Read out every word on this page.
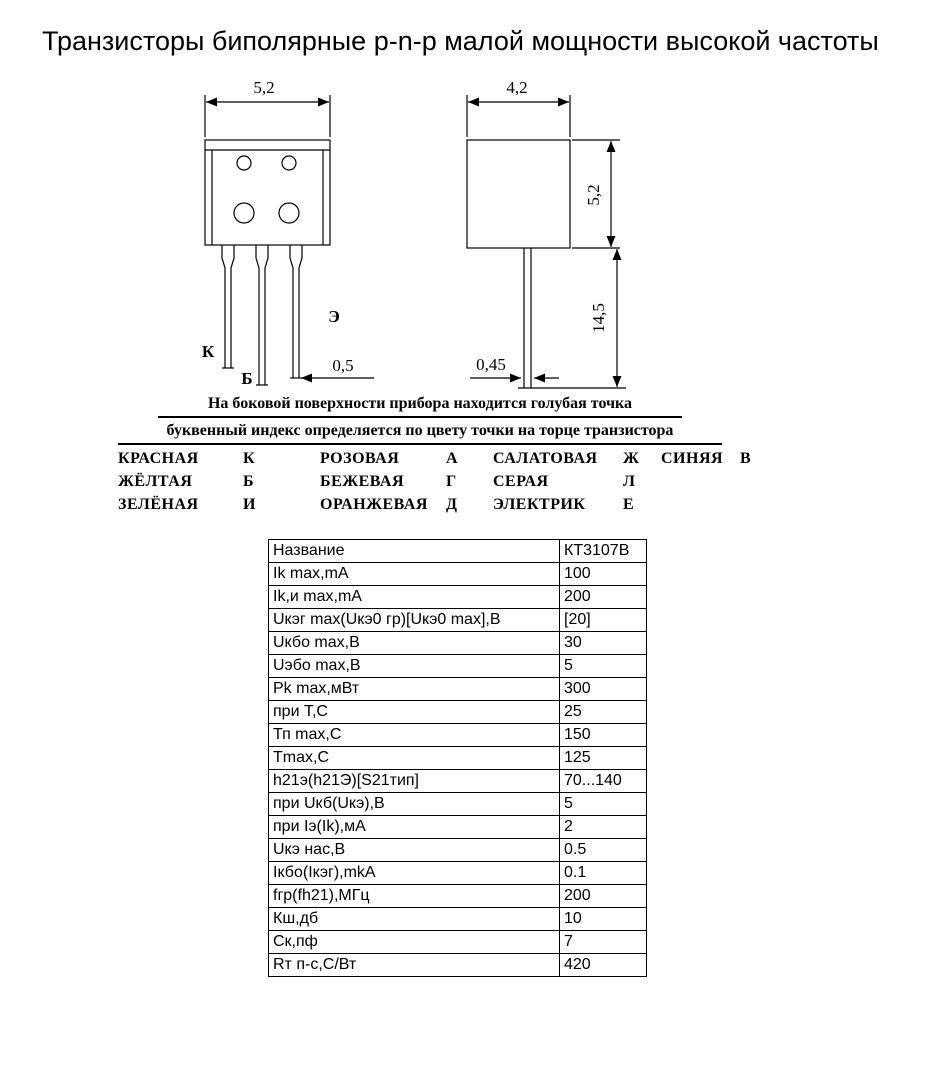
Транзисторы биполярные p-n-p малой мощности высокой частоты
5,2	4,2
5,2
14,5
0,45
0,5
К
Б
Э
На боковой поверхности прибора находится голубая точка
буквенный индекс определяется по цвету точки на торце транзистора
КРАСНАЯ	К	РОЗОВАЯ	А	САЛАТОВАЯ	Ж	СИНЯЯ	В
ЖЁЛТАЯ	Б	БЕЖЕВАЯ	Г	СЕРАЯ	Л
ЗЕЛЁНАЯ	И	ОРАНЖЕВАЯ	Д	ЭЛЕКТРИК	Е
Название	КТ3107В
Ik max,mA	100
Ik,и max,mA	200
Uкэг max(Uкэ0 гр)[Uкэ0 max],В	[20]
Uкбо max,В	30
Uэбо max,В	5
Pk max,мВт	300
при Т,С	25
Тп max,С	150
Тmax,С	125
h21э(h21Э)[S21тип]	70...140
при Uкб(Uкэ),В	5
при Iэ(Ik),мА	2
Uкэ нас,В	0.5
Iкбо(Iкэг),mkA	0.1
fгр(fh21),МГц	200
Кш,дб	10
Ск,пф	7
Rт п-с,С/Вт	420
